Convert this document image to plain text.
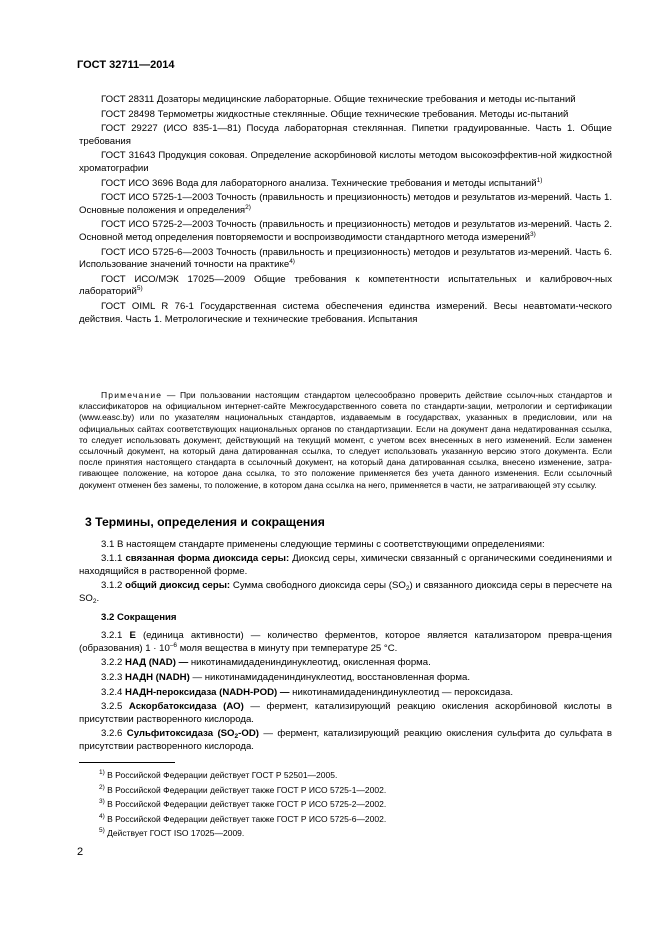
ГОСТ 32711—2014

ГОСТ 28311 Дозаторы медицинские лабораторные. Общие технические требования и методы ис-пытаний

ГОСТ 28498 Термометры жидкостные стеклянные. Общие технические требования. Методы ис-пытаний

ГОСТ 29227 (ИСО 835-1—81) Посуда лабораторная стеклянная. Пипетки градуированные. Часть 1. Общие требования

ГОСТ 31643 Продукция соковая. Определение аскорбиновой кислоты методом высокоэффектив-ной жидкостной хроматографии

ГОСТ ИСО 3696 Вода для лабораторного анализа. Технические требования и методы испытаний$^{1)}$

ГОСТ ИСО 5725-1—2003 Точность (правильность и прецизионность) методов и результатов из-мерений. Часть 1. Основные положения и определения$^{2)}$

ГОСТ ИСО 5725-2—2003 Точность (правильность и прецизионность) методов и результатов из-мерений. Часть 2. Основной метод определения повторяемости и воспроизводимости стандартного метода измерений$^{3)}$

ГОСТ ИСО 5725-6—2003 Точность (правильность и прецизионность) методов и результатов из-мерений. Часть 6. Использование значений точности на практике$^{4)}$

ГОСТ ИСО/МЭК 17025—2009 Общие требования к компетентности испытательных и калибровоч-ных лабораторий$^{5)}$

ГОСТ OIML R 76-1 Государственная система обеспечения единства измерений. Весы неавтомати-ческого действия. Часть 1. Метрологические и технические требования. Испытания

Примечание — При пользовании настоящим стандартом целесообразно проверить действие ссылоч-ных стандартов и классификаторов на официальном интернет-сайте Межгосударственного совета по стандарти-зации, метрологии и сертификации (www.easc.by) или по указателям национальных стандартов, издаваемым в государствах, указанных в предисловии, или на официальных сайтах соответствующих национальных органов по стандартизации. Если на документ дана недатированная ссылка, то следует использовать документ, действующий на текущий момент, с учетом всех внесенных в него изменений. Если заменен ссылочный документ, на который дана датированная ссылка, то следует использовать указанную версию этого документа. Если после принятия настоящего стандарта в ссылочный документ, на который дана датированная ссылка, внесено изменение, затра-гивающее положение, на которое дана ссылка, то это положение применяется без учета данного изменения. Если ссылочный документ отменен без замены, то положение, в котором дана ссылка на него, применяется в части, не затрагивающей эту ссылку.

3 Термины, определения и сокращения

3.1 В настоящем стандарте применены следующие термины с соответствующими определениями:

3.1.1 связанная форма диоксида серы: Диоксид серы, химически связанный с органическими соединениями и находящийся в растворенной форме.

3.1.2 общий диоксид серы: Сумма свободного диоксида серы $(SO_2)$ и связанного диоксида серы в пересчете на $SO_2$.

3.2 Сокращения

3.2.1 Е (единица активности) — количество ферментов, которое является катализатором превра-щения (образования) $1 \cdot 10^{-6}$ моля вещества в минуту при температуре 25 °С.

3.2.2 НАД (NAD) — никотинамидадениндинуклеотид, окисленная форма.

3.2.3 НАДН (NADH) — никотинамидадениндинуклеотид, восстановленная форма.

3.2.4 НАДН-пероксидаза (NADH-POD) — никотинамидадениндинуклеотид — пероксидаза.

3.2.5 Аскорбатоксидаза (АО) — фермент, катализирующий реакцию окисления аскорбиновой кислоты в присутствии растворенного кислорода.

3.2.6 Сульфитоксидаза $(SO_2-OD)$ — фермент, катализирующий реакцию окисления сульфита до сульфата в присутствии растворенного кислорода.

$^{1)}$ В Российской Федерации действует ГОСТ Р 52501—2005.
$^{2)}$ В Российской Федерации действует также ГОСТ Р ИСО 5725-1—2002.
$^{3)}$ В Российской Федерации действует также ГОСТ Р ИСО 5725-2—2002.
$^{4)}$ В Российской Федерации действует также ГОСТ Р ИСО 5725-6—2002.
$^{5)}$ Действует ГОСТ ISO 17025—2009.
2
